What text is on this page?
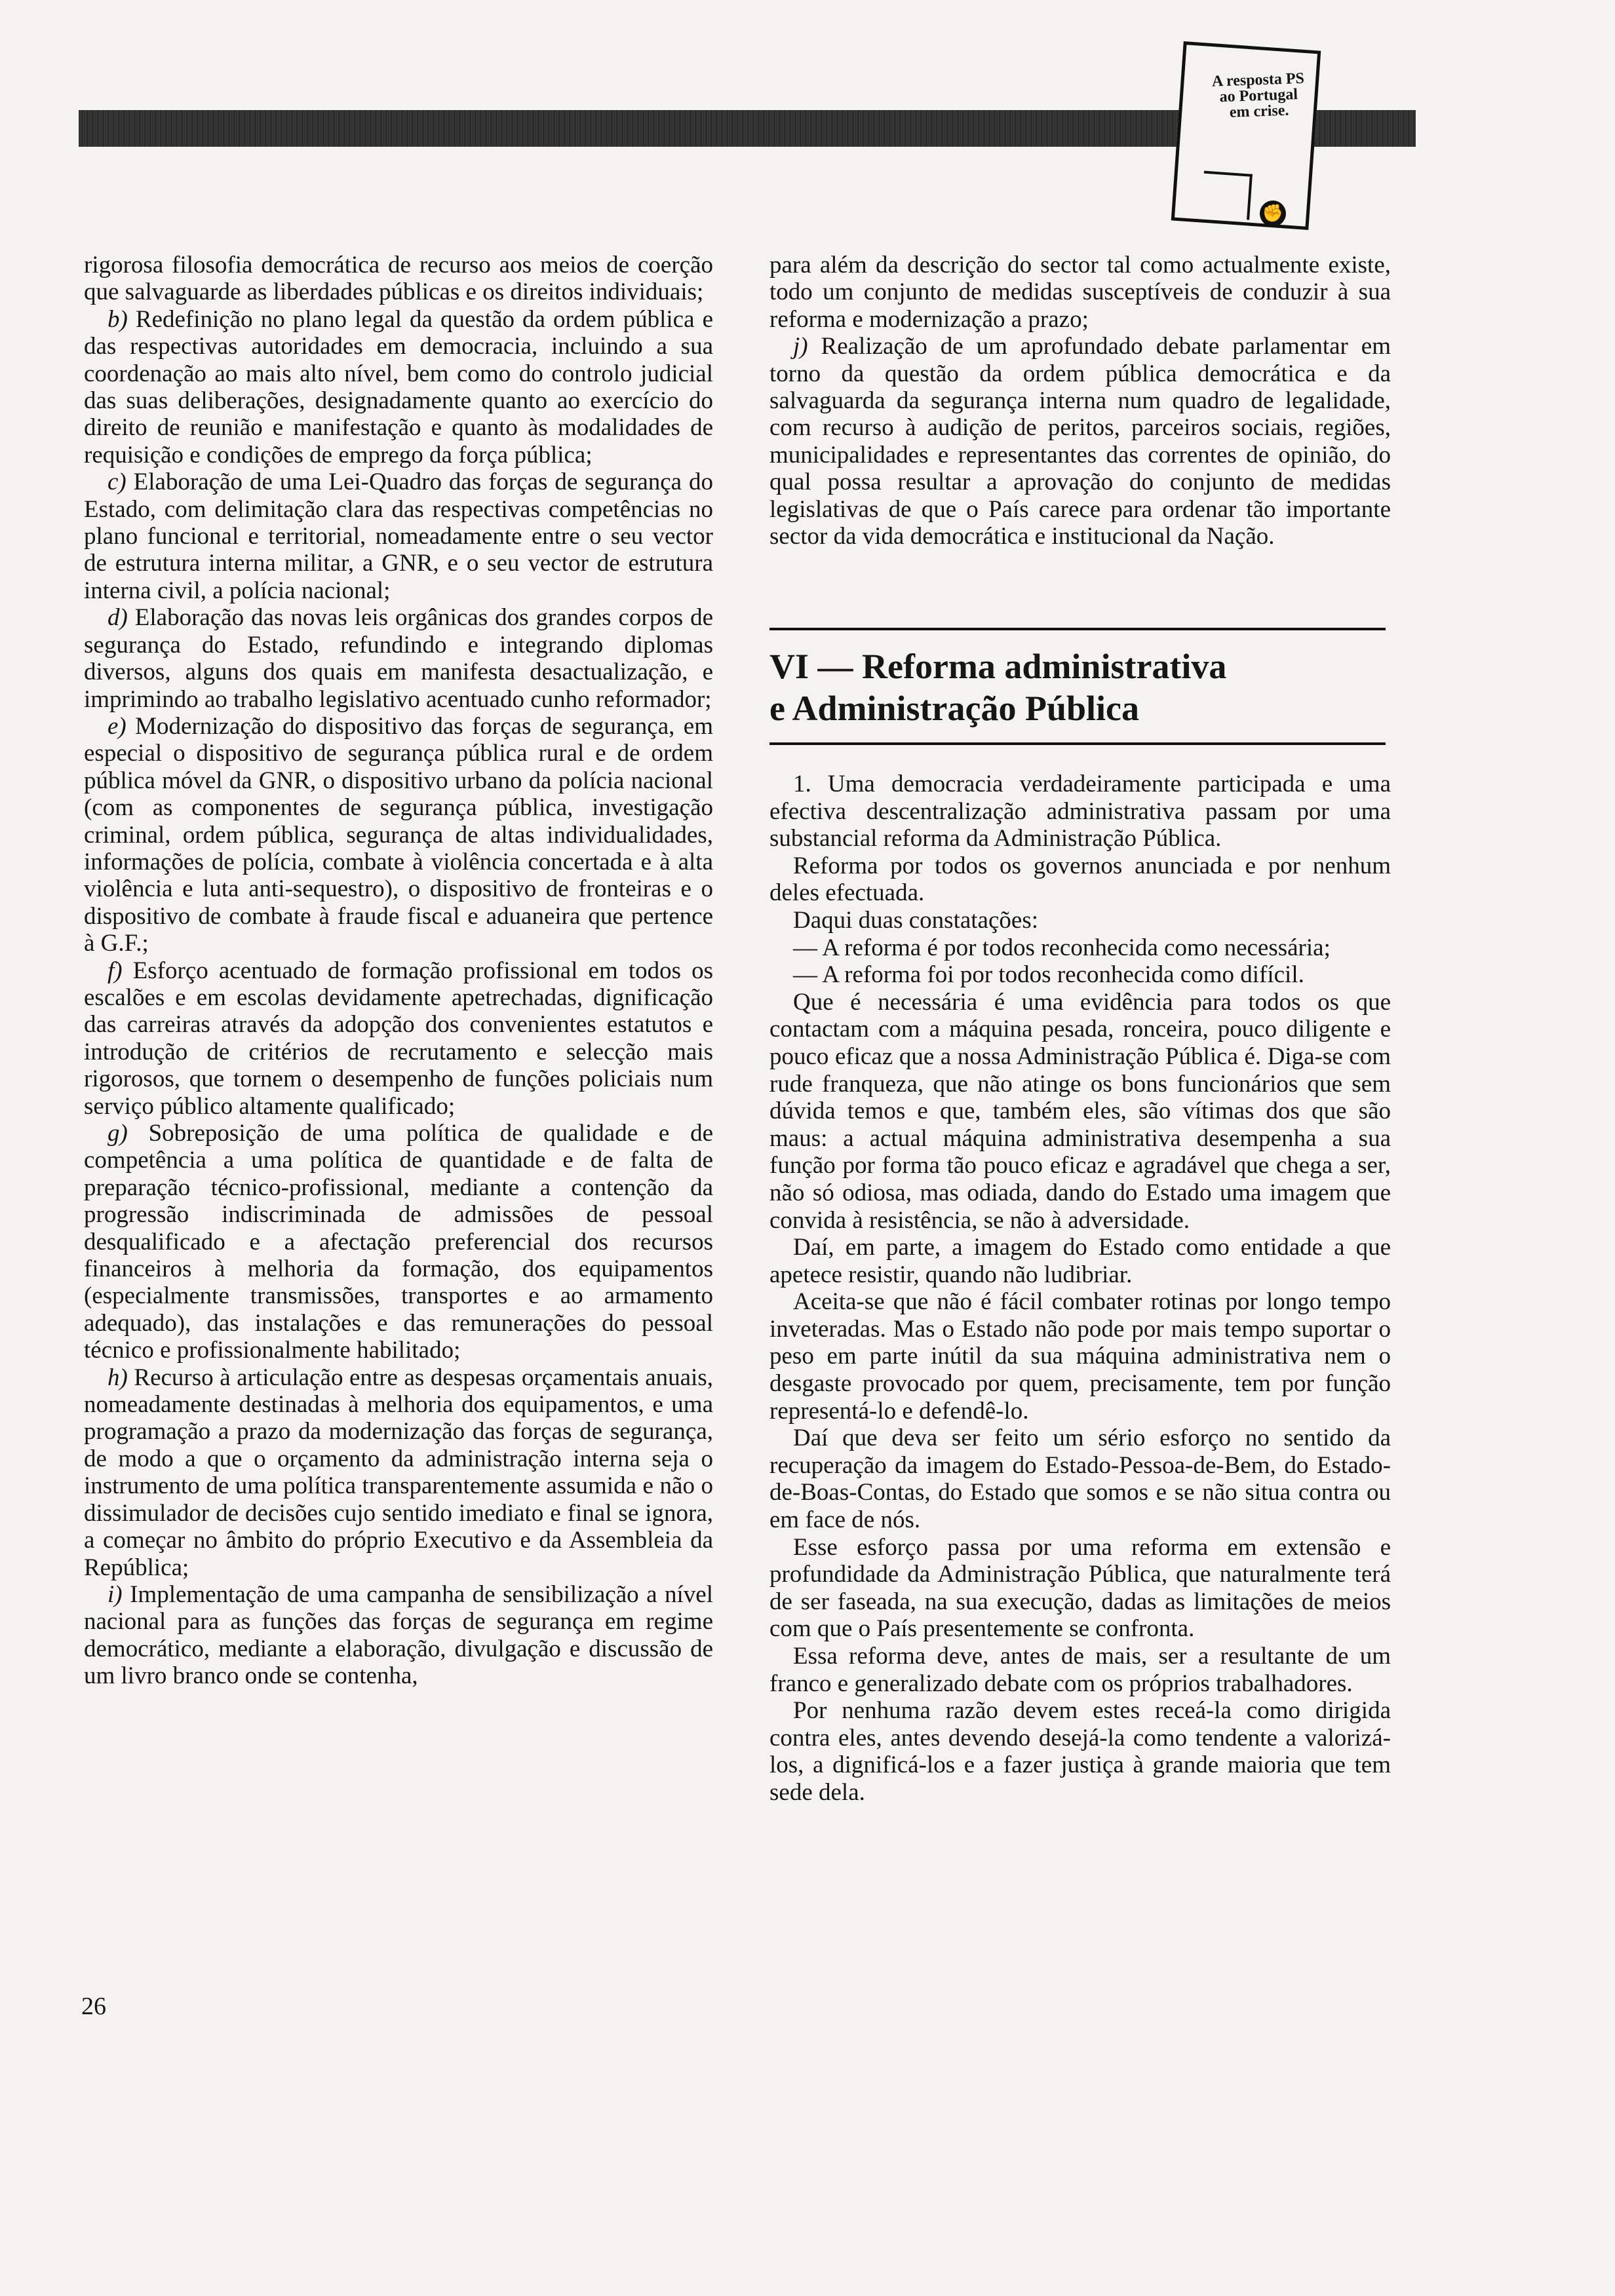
A resposta PS ao Portugal em crise.
✊

rigorosa filosofia democrática de recurso aos meios de coerção que salvaguarde as liberdades públicas e os direitos individuais;

b) Redefinição no plano legal da questão da ordem pública e das respectivas autoridades em democracia, incluindo a sua coordenação ao mais alto nível, bem como do controlo judicial das suas deliberações, designadamente quanto ao exercício do direito de reunião e manifestação e quanto às modalidades de requisição e condições de emprego da força pública;

c) Elaboração de uma Lei-Quadro das forças de segurança do Estado, com delimitação clara das respectivas competências no plano funcional e territorial, nomeadamente entre o seu vector de estrutura interna militar, a GNR, e o seu vector de estrutura interna civil, a polícia nacional;

d) Elaboração das novas leis orgânicas dos grandes corpos de segurança do Estado, refundindo e integrando diplomas diversos, alguns dos quais em manifesta desactualização, e imprimindo ao trabalho legislativo acentuado cunho reformador;

e) Modernização do dispositivo das forças de segurança, em especial o dispositivo de segurança pública rural e de ordem pública móvel da GNR, o dispositivo urbano da polícia nacional (com as componentes de segurança pública, investigação criminal, ordem pública, segurança de altas individualidades, informações de polícia, combate à violência concertada e à alta violência e luta anti-sequestro), o dispositivo de fronteiras e o dispositivo de combate à fraude fiscal e aduaneira que pertence à G.F.;

f) Esforço acentuado de formação profissional em todos os escalões e em escolas devidamente apetrechadas, dignificação das carreiras através da adopção dos convenientes estatutos e introdução de critérios de recrutamento e selecção mais rigorosos, que tornem o desempenho de funções policiais num serviço público altamente qualificado;

g) Sobreposição de uma política de qualidade e de competência a uma política de quantidade e de falta de preparação técnico-profissional, mediante a contenção da progressão indiscriminada de admissões de pessoal desqualificado e a afectação preferencial dos recursos financeiros à melhoria da formação, dos equipamentos (especialmente transmissões, transportes e ao armamento adequado), das instalações e das remunerações do pessoal técnico e profissionalmente habilitado;

h) Recurso à articulação entre as despesas orçamentais anuais, nomeadamente destinadas à melhoria dos equipamentos, e uma programação a prazo da modernização das forças de segurança, de modo a que o orçamento da administração interna seja o instrumento de uma política transparentemente assumida e não o dissimulador de decisões cujo sentido imediato e final se ignora, a começar no âmbito do próprio Executivo e da Assembleia da República;

i) Implementação de uma campanha de sensibilização a nível nacional para as funções das forças de segurança em regime democrático, mediante a elaboração, divulgação e discussão de um livro branco onde se contenha,

para além da descrição do sector tal como actualmente existe, todo um conjunto de medidas susceptíveis de conduzir à sua reforma e modernização a prazo;

j) Realização de um aprofundado debate parlamentar em torno da questão da ordem pública democrática e da salvaguarda da segurança interna num quadro de legalidade, com recurso à audição de peritos, parceiros sociais, regiões, municipalidades e representantes das correntes de opinião, do qual possa resultar a aprovação do conjunto de medidas legislativas de que o País carece para ordenar tão importante sector da vida democrática e institucional da Nação.

VI — Reforma administrativa
e Administração Pública

1. Uma democracia verdadeiramente participada e uma efectiva descentralização administrativa passam por uma substancial reforma da Administração Pública.

Reforma por todos os governos anunciada e por nenhum deles efectuada.

Daqui duas constatações:

— A reforma é por todos reconhecida como necessária;

— A reforma foi por todos reconhecida como difícil.

Que é necessária é uma evidência para todos os que contactam com a máquina pesada, ronceira, pouco diligente e pouco eficaz que a nossa Administração Pública é. Diga-se com rude franqueza, que não atinge os bons funcionários que sem dúvida temos e que, também eles, são vítimas dos que são maus: a actual máquina administrativa desempenha a sua função por forma tão pouco eficaz e agradável que chega a ser, não só odiosa, mas odiada, dando do Estado uma imagem que convida à resistência, se não à adversidade.

Daí, em parte, a imagem do Estado como entidade a que apetece resistir, quando não ludibriar.

Aceita-se que não é fácil combater rotinas por longo tempo inveteradas. Mas o Estado não pode por mais tempo suportar o peso em parte inútil da sua máquina administrativa nem o desgaste provocado por quem, precisamente, tem por função representá-lo e defendê-lo.

Daí que deva ser feito um sério esforço no sentido da recuperação da imagem do Estado-Pessoa-de-Bem, do Estado-de-Boas-Contas, do Estado que somos e se não situa contra ou em face de nós.

Esse esforço passa por uma reforma em extensão e profundidade da Administração Pública, que naturalmente terá de ser faseada, na sua execução, dadas as limitações de meios com que o País presentemente se confronta.

Essa reforma deve, antes de mais, ser a resultante de um franco e generalizado debate com os próprios trabalhadores.

Por nenhuma razão devem estes receá-la como dirigida contra eles, antes devendo desejá-la como tendente a valorizá-los, a dignificá-los e a fazer justiça à grande maioria que tem sede dela.

26
